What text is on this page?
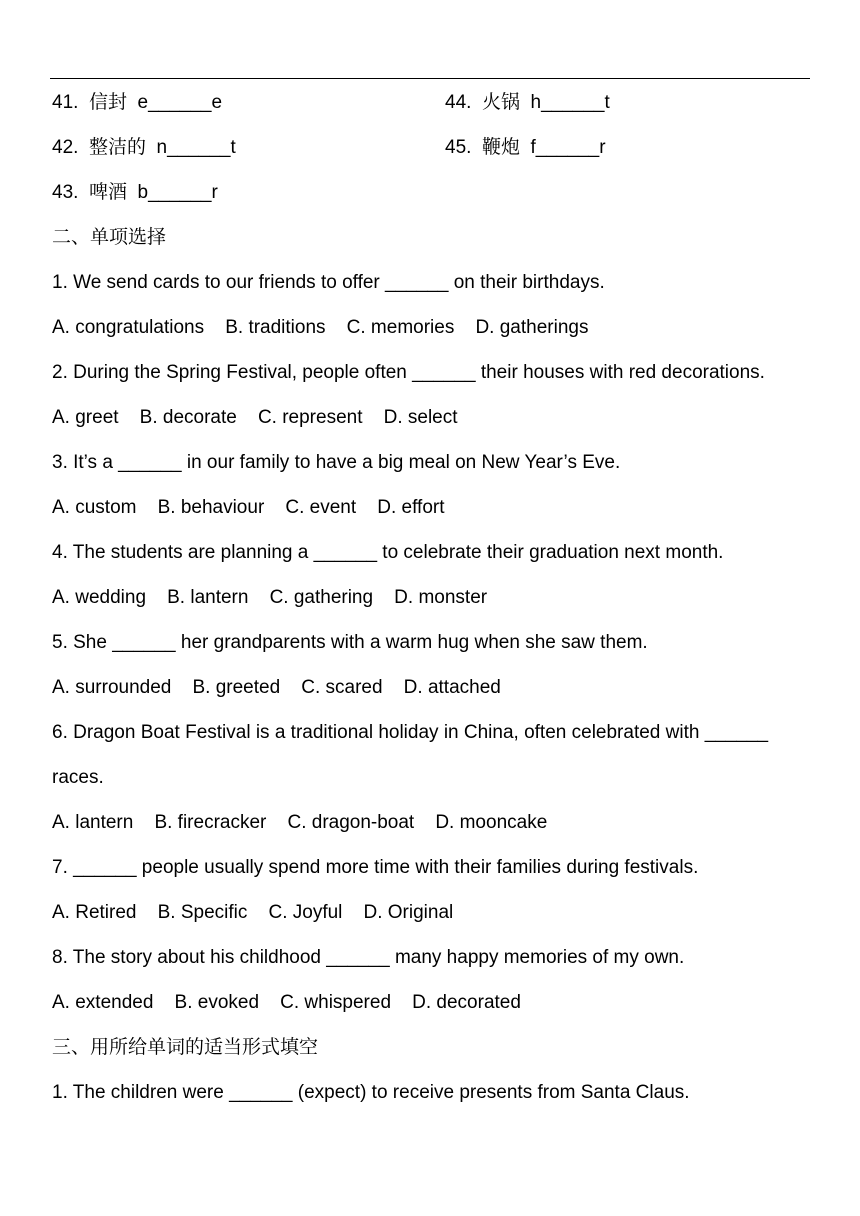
41.  信封  e______e	44.  火锅  h______t
42.  整洁的  n______t	45.  鞭炮  f______r
43.  啤酒  b______r
二、单项选择
1. We send cards to our friends to offer ______ on their birthdays.
A. congratulations    B. traditions    C. memories    D. gatherings
2. During the Spring Festival, people often ______ their houses with red decorations.
A. greet    B. decorate    C. represent    D. select
3. It’s a ______ in our family to have a big meal on New Year’s Eve.
A. custom    B. behaviour    C. event    D. effort
4. The students are planning a ______ to celebrate their graduation next month.
A. wedding    B. lantern    C. gathering    D. monster
5. She ______ her grandparents with a warm hug when she saw them.
A. surrounded    B. greeted    C. scared    D. attached
6. Dragon Boat Festival is a traditional holiday in China, often celebrated with ______
races.
A. lantern    B. firecracker    C. dragon-boat    D. mooncake
7. ______ people usually spend more time with their families during festivals.
A. Retired    B. Specific    C. Joyful    D. Original
8. The story about his childhood ______ many happy memories of my own.
A. extended    B. evoked    C. whispered    D. decorated
三、用所给单词的适当形式填空
1. The children were ______ (expect) to receive presents from Santa Claus.
